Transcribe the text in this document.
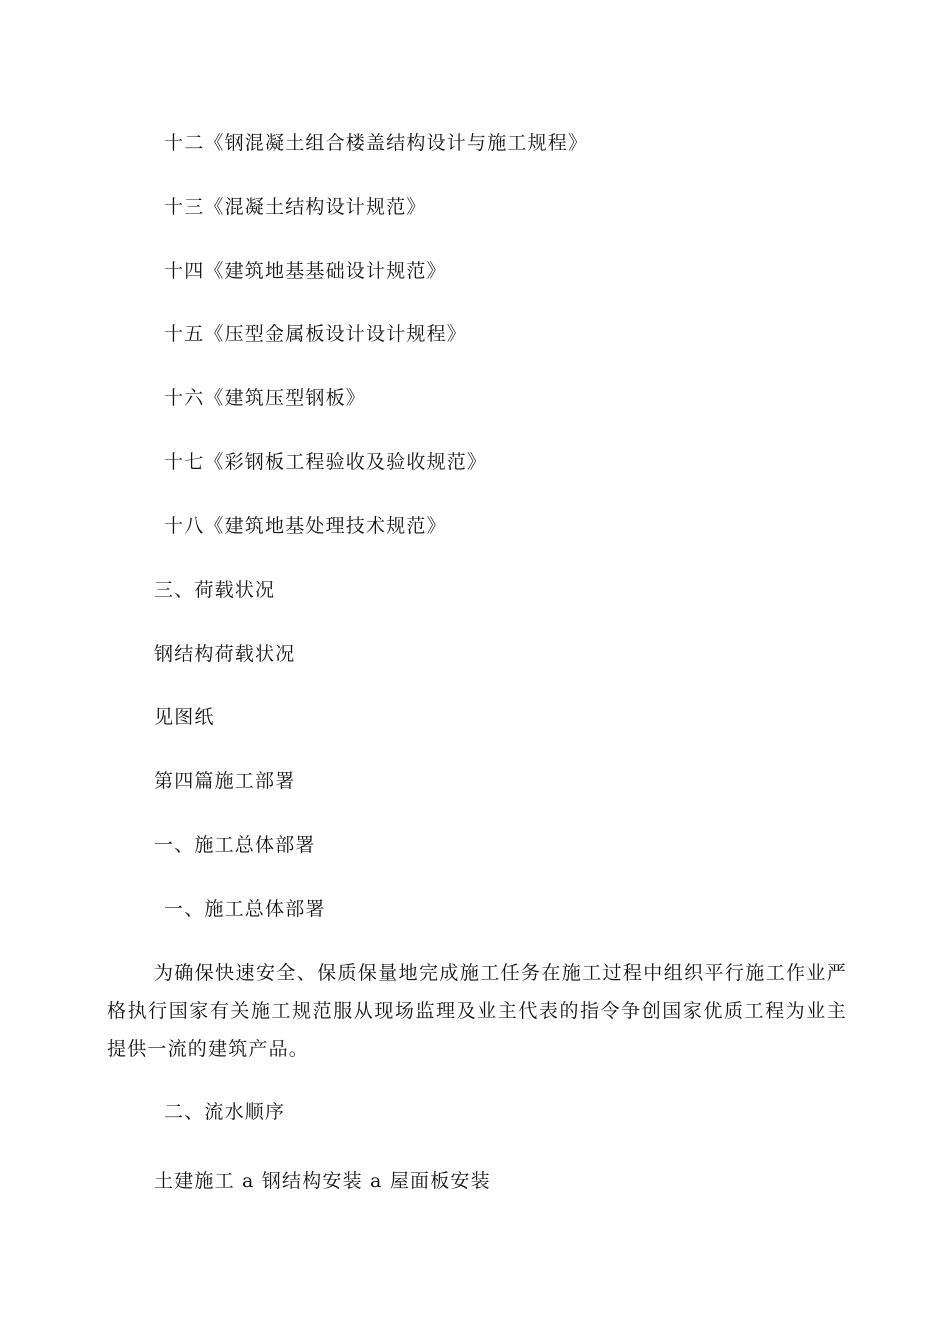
十二《钢混凝土组合楼盖结构设计与施工规程》
十三《混凝土结构设计规范》
十四《建筑地基基础设计规范》
十五《压型金属板设计设计规程》
十六《建筑压型钢板》
十七《彩钢板工程验收及验收规范》
十八《建筑地基处理技术规范》
三、荷载状况
钢结构荷载状况
见图纸
第四篇施工部署
一、施工总体部署
一、施工总体部署
为确保快速安全、保质保量地完成施工任务在施工过程中组织平行施工作业严格执行国家有关施工规范服从现场监理及业主代表的指令争创国家优质工程为业主提供一流的建筑产品。
二、流水顺序
土建施工 a 钢结构安装 a 屋面板安装
